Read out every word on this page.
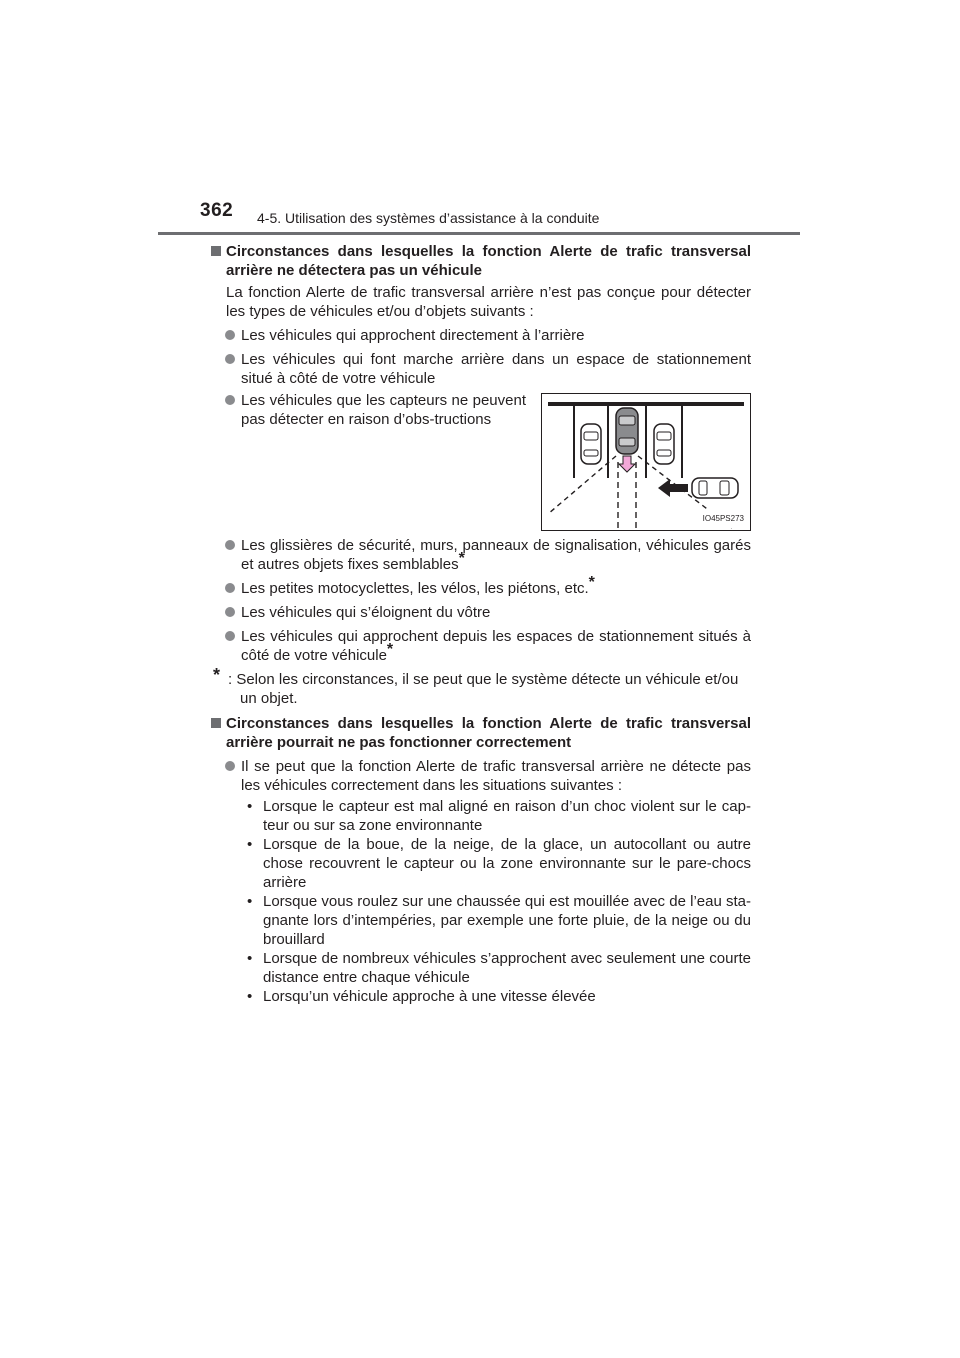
362 4-5. Utilisation des systèmes d’assistance à la conduite
Circonstances dans lesquelles la fonction Alerte de trafic transversal arrière ne détectera pas un véhicule
La fonction Alerte de trafic transversal arrière n’est pas conçue pour détecter les types de véhicules et/ou d’objets suivants :
Les véhicules qui approchent directement à l’arrière
Les véhicules qui font marche arrière dans un espace de stationnement situé à côté de votre véhicule
Les véhicules que les capteurs ne peuvent pas détecter en raison d’obs-tructions
IO45PS273
Les glissières de sécurité, murs, panneaux de signalisation, véhicules garés et autres objets fixes semblables*
Les petites motocyclettes, les vélos, les piétons, etc.*
Les véhicules qui s’éloignent du vôtre
Les véhicules qui approchent depuis les espaces de stationnement situés à côté de votre véhicule*
* : Selon les circonstances, il se peut que le système détecte un véhicule et/ou un objet.
Circonstances dans lesquelles la fonction Alerte de trafic transversal arrière pourrait ne pas fonctionner correctement
Il se peut que la fonction Alerte de trafic transversal arrière ne détecte pas les véhicules correctement dans les situations suivantes :
• Lorsque le capteur est mal aligné en raison d’un choc violent sur le cap-teur ou sur sa zone environnante
• Lorsque de la boue, de la neige, de la glace, un autocollant ou autre chose recouvrent le capteur ou la zone environnante sur le pare-chocs arrière
• Lorsque vous roulez sur une chaussée qui est mouillée avec de l’eau sta-gnante lors d’intempéries, par exemple une forte pluie, de la neige ou du brouillard
• Lorsque de nombreux véhicules s’approchent avec seulement une courte distance entre chaque véhicule
• Lorsqu’un véhicule approche à une vitesse élevée
